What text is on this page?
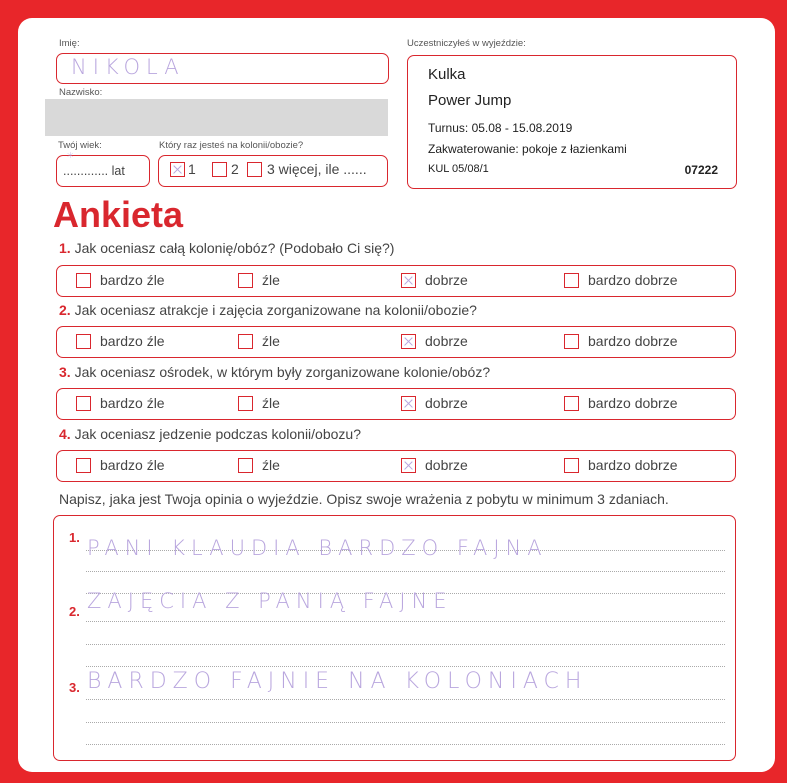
Imię:
NIKOLA
Nazwisko:
Twój wiek:
............. lat
*
Który raz jesteś na kolonii/obozie?
1	2 3 więcej, ile ......
Uczestniczyłeś w wyjeździe:
Kulka
Power Jump
Turnus: 05.08 - 15.08.2019
Zakwaterowanie: pokoje z łazienkami
KUL 05/08/1	07222
Ankieta
1. Jak oceniasz całą kolonię/obóz? (Podobało Ci się?)
bardzo źle	źle	dobrze	bardzo dobrze
2. Jak oceniasz atrakcje i zajęcia zorganizowane na kolonii/obozie?
bardzo źle	źle	dobrze	bardzo dobrze
3. Jak oceniasz ośrodek, w którym były zorganizowane kolonie/obóz?
bardzo źle	źle	dobrze	bardzo dobrze
4. Jak oceniasz jedzenie podczas kolonii/obozu?
bardzo źle	źle	dobrze	bardzo dobrze
Napisz, jaka jest Twoja opinia o wyjeździe. Opisz swoje wrażenia z pobytu w minimum 3 zdaniach.
1. PANI KLAUDIA BARDZO FAJNA
2. ZAJĘCIA Z PANIĄ FAJNE
3. BARDZO FAJNIE NA KOLONIACH
